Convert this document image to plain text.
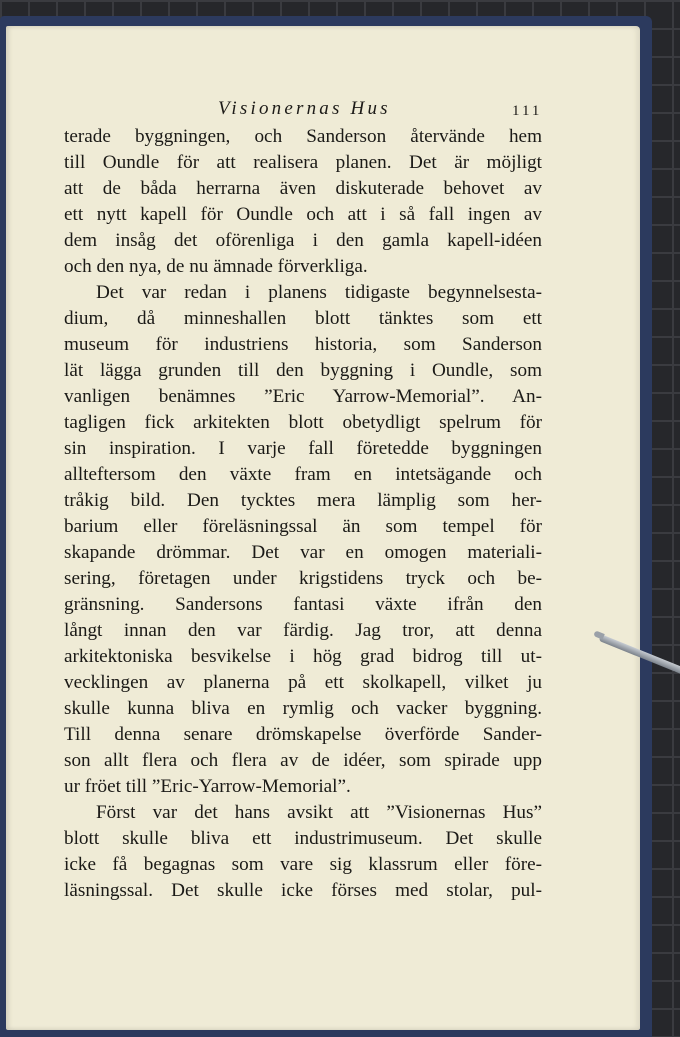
Visionernas Hus	111
terade byggningen, och Sanderson återvände hem
till Oundle för att realisera planen. Det är möjligt
att de båda herrarna även diskuterade behovet av
ett nytt kapell för Oundle och att i så fall ingen av
dem insåg det oförenliga i den gamla kapell-idéen
och den nya, de nu ämnade förverkliga.
Det var redan i planens tidigaste begynnelsesta-
dium, då minneshallen blott tänktes som ett
museum för industriens historia, som Sanderson
lät lägga grunden till den byggning i Oundle, som
vanligen benämnes ”Eric Yarrow-Memorial”. An-
tagligen fick arkitekten blott obetydligt spelrum för
sin inspiration. I varje fall företedde byggningen
allteftersom den växte fram en intetsägande och
tråkig bild. Den tycktes mera lämplig som her-
barium eller föreläsningssal än som tempel för
skapande drömmar. Det var en omogen materiali-
sering, företagen under krigstidens tryck och be-
gränsning. Sandersons fantasi växte ifrån den
långt innan den var färdig. Jag tror, att denna
arkitektoniska besvikelse i hög grad bidrog till ut-
vecklingen av planerna på ett skolkapell, vilket ju
skulle kunna bliva en rymlig och vacker byggning.
Till denna senare drömskapelse överförde Sander-
son allt flera och flera av de idéer, som spirade upp
ur fröet till ”Eric-Yarrow-Memorial”.
Först var det hans avsikt att ”Visionernas Hus”
blott skulle bliva ett industrimuseum. Det skulle
icke få begagnas som vare sig klassrum eller före-
läsningssal. Det skulle icke förses med stolar, pul-
